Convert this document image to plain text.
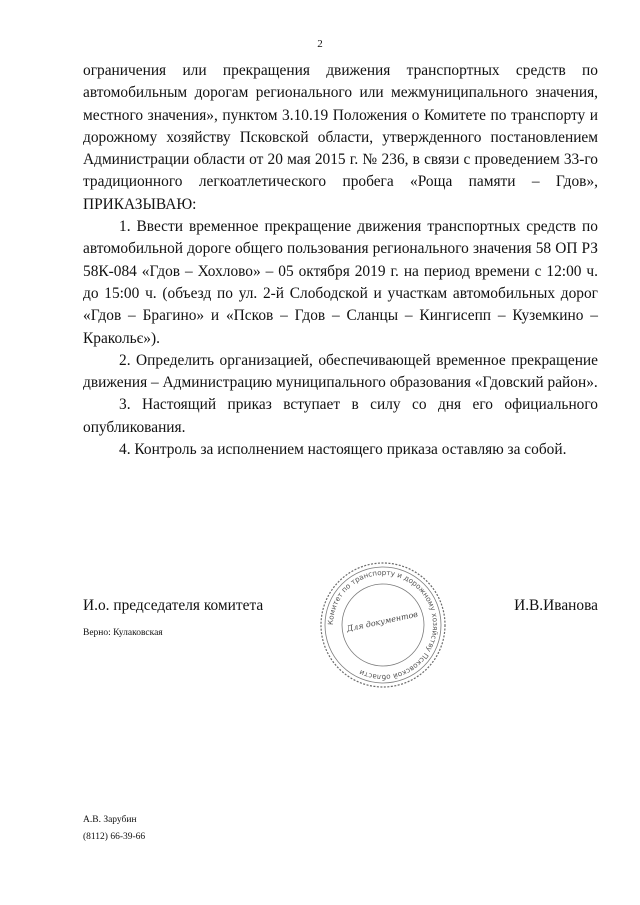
2

ограничения или прекращения движения транспортных средств по автомобильным дорогам регионального или межмуниципального значения, местного значения», пунктом 3.10.19 Положения о Комитете по транспорту и дорожному хозяйству Псковской области, утвержденного постановлением Администрации области от 20 мая 2015 г. № 236, в связи с проведением 33-го традиционного легкоатлетического пробега «Роща памяти – Гдов», ПРИКАЗЫВАЮ:

1. Ввести временное прекращение движения транспортных средств по автомобильной дороге общего пользования регионального значения 58 ОП РЗ 58К-084 «Гдов – Хохлово» – 05 октября 2019 г. на период времени с 12:00 ч. до 15:00 ч. (объезд по ул. 2-й Слободской и участкам автомобильных дорог «Гдов – Брагино» и «Псков – Гдов – Сланцы – Кингисепп – Куземкино – Кракольє»).

2. Определить организацией, обеспечивающей временное прекращение движения – Администрацию муниципального образования «Гдовский район».

3. Настоящий приказ вступает в силу со дня его официального опубликования.

4. Контроль за исполнением настоящего приказа оставляю за собой.

И.о. председателя комитета	И.В.Иванова
Верно: Кулаковская
Комитет по транспорту и дорожному хозяйству Псковской области
Для документов
А.В. Зарубин
(8112) 66-39-66
